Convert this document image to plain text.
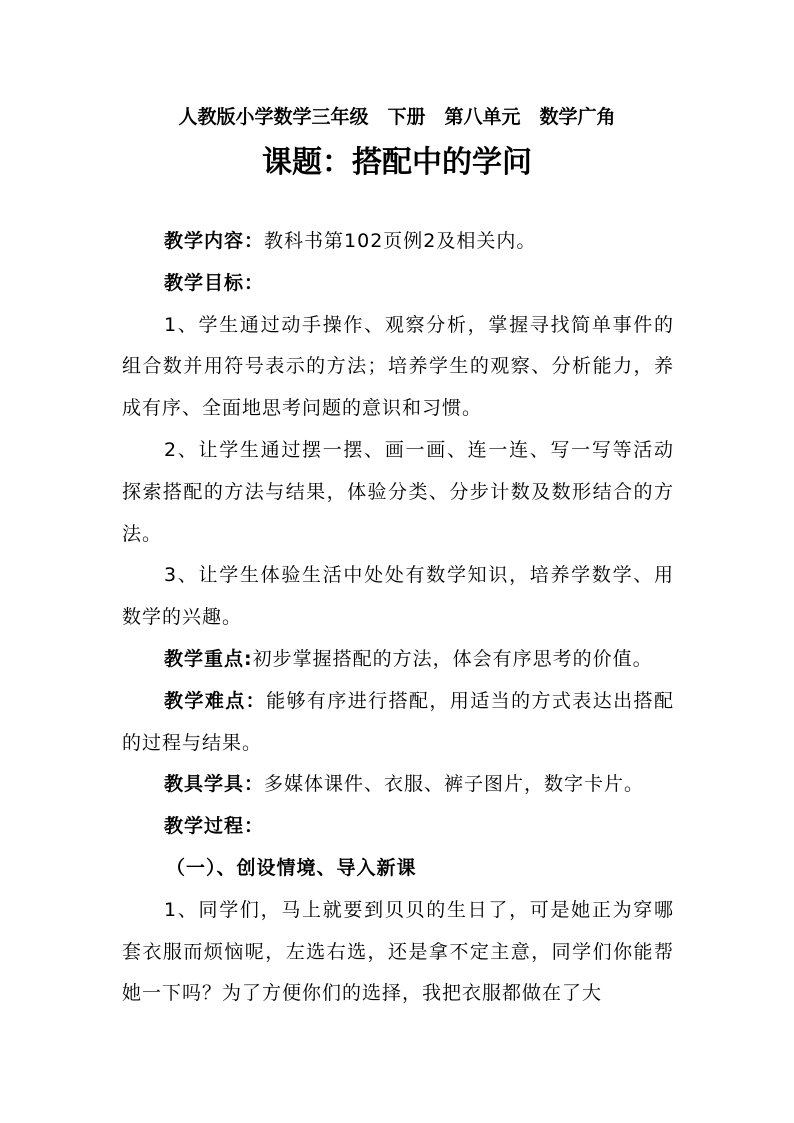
人教版小学数学三年级　下册　第八单元　数学广角
课题：搭配中的学问

教学内容：教科书第102页例2及相关内。

教学目标：

1、学生通过动手操作、观察分析，掌握寻找简单事件的组合数并用符号表示的方法；培养学生的观察、分析能力，养成有序、全面地思考问题的意识和习惯。

2、让学生通过摆一摆、画一画、连一连、写一写等活动探索搭配的方法与结果，体验分类、分步计数及数形结合的方法。

3、让学生体验生活中处处有数学知识，培养学数学、用数学的兴趣。

教学重点:初步掌握搭配的方法，体会有序思考的价值。

教学难点：能够有序进行搭配，用适当的方式表达出搭配的过程与结果。

教具学具：多媒体课件、衣服、裤子图片，数字卡片。

教学过程：

（一）、创设情境、导入新课

1、同学们，马上就要到贝贝的生日了，可是她正为穿哪套衣服而烦恼呢，左选右选，还是拿不定主意，同学们你能帮她一下吗？为了方便你们的选择，我把衣服都做在了大
